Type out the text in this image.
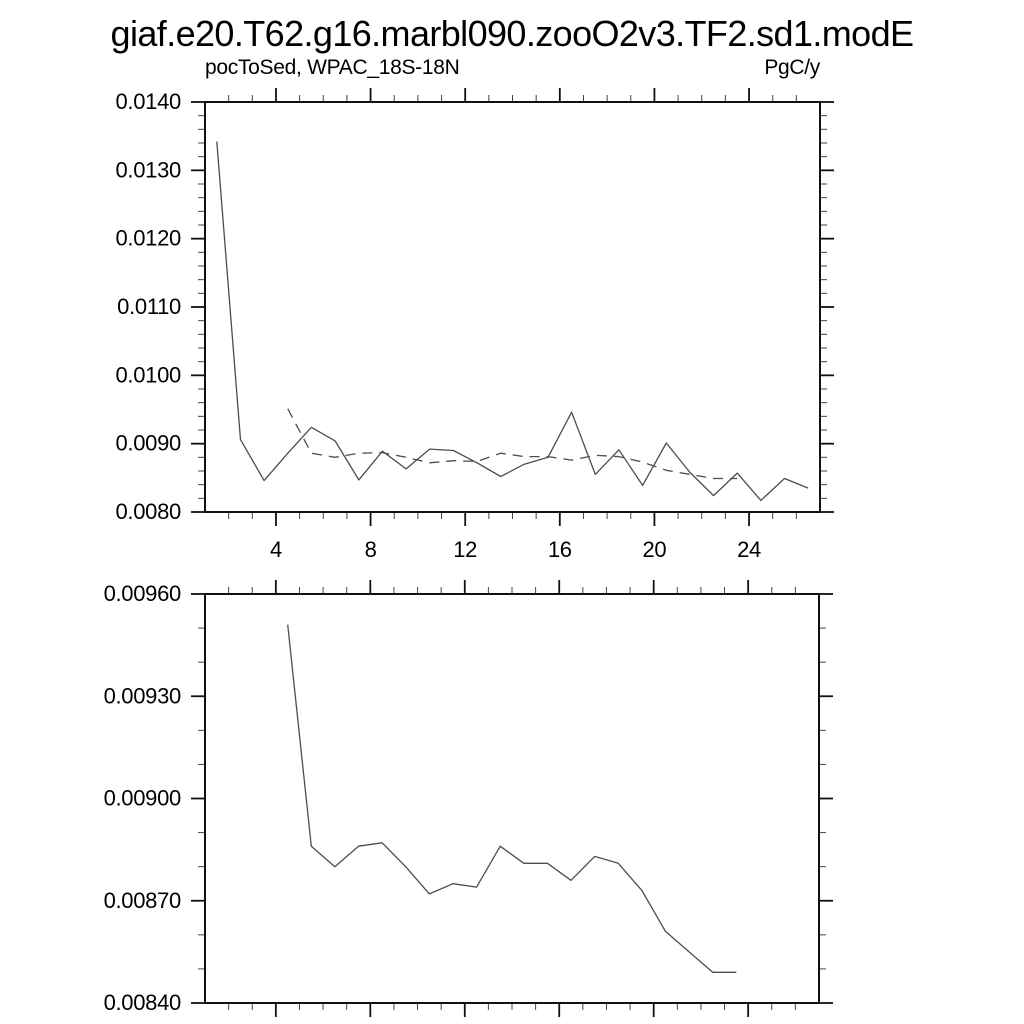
giaf.e20.T62.g16.marbl090.zooO2v3.TF2.sd1.modE
pocToSed, WPAC_18S-18N	PgC/y
4	8	12	16	20	24
0.0080
0.0090
0.0100
0.0110
0.0120
0.0130
0.0140
0.00840
0.00870
0.00900
0.00930
0.00960
